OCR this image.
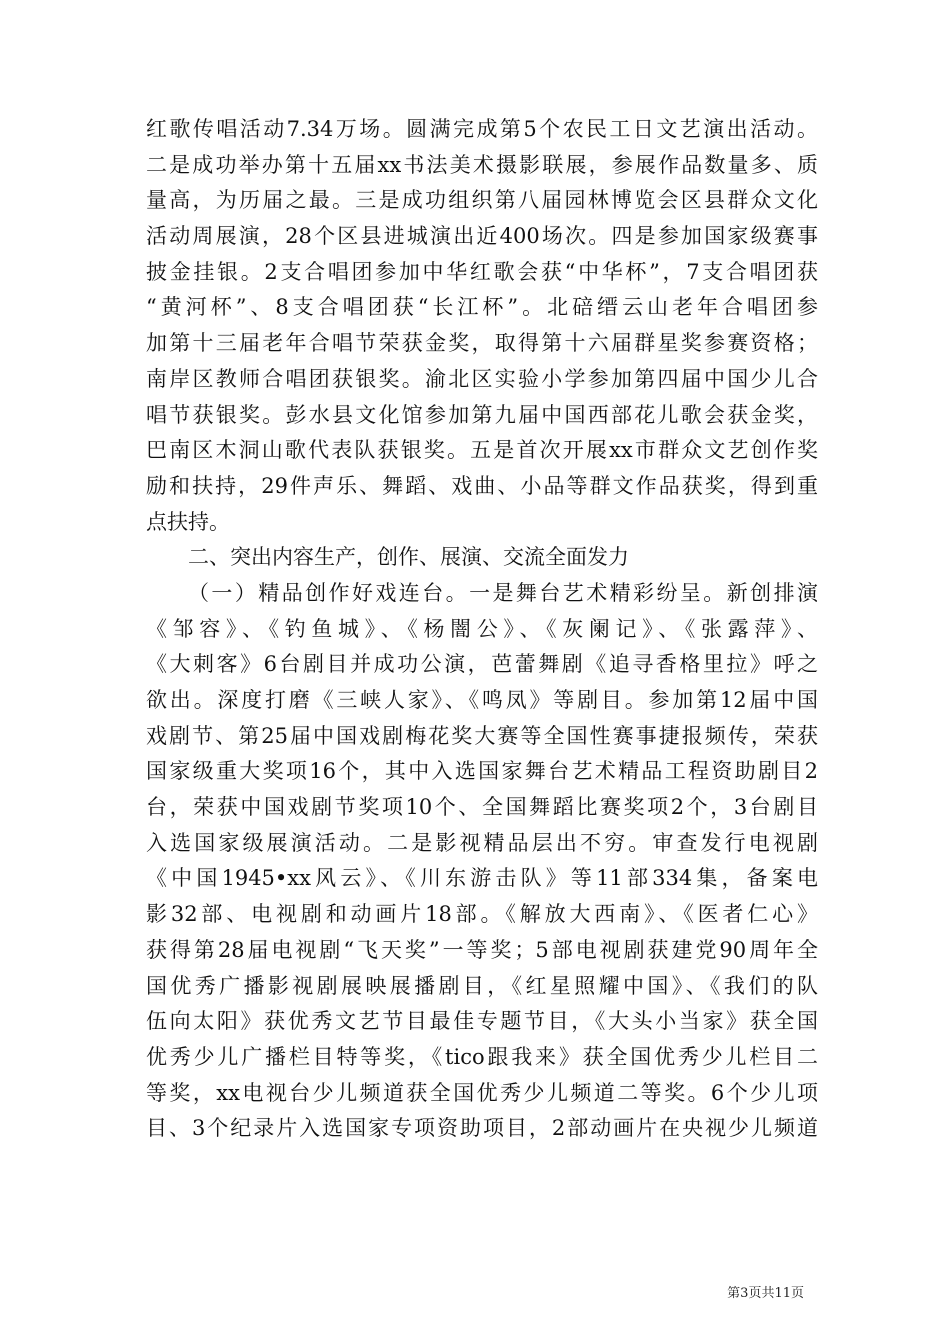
红歌传唱活动7.34万场。圆满完成第5个农民工日文艺演出活动。
二是成功举办第十五届xx书法美术摄影联展，参展作品数量多、质
量高，为历届之最。三是成功组织第八届园林博览会区县群众文化
活动周展演，28个区县进城演出近400场次。四是参加国家级赛事
披金挂银。2支合唱团参加中华红歌会获“中华杯”，7支合唱团获
“黄河杯”、8支合唱团获“长江杯”。北碚缙云山老年合唱团参
加第十三届老年合唱节荣获金奖，取得第十六届群星奖参赛资格；
南岸区教师合唱团获银奖。渝北区实验小学参加第四届中国少儿合
唱节获银奖。彭水县文化馆参加第九届中国西部花儿歌会获金奖，
巴南区木洞山歌代表队获银奖。五是首次开展xx市群众文艺创作奖
励和扶持，29件声乐、舞蹈、戏曲、小品等群文作品获奖，得到重
点扶持。
二、突出内容生产，创作、展演、交流全面发力
（一）精品创作好戏连台。一是舞台艺术精彩纷呈。新创排演
《邹容》、《钓鱼城》、《杨闇公》、《灰阑记》、《张露萍》、
《大刺客》6台剧目并成功公演，芭蕾舞剧《追寻香格里拉》呼之
欲出。深度打磨《三峡人家》、《鸣凤》等剧目。参加第12届中国
戏剧节、第25届中国戏剧梅花奖大赛等全国性赛事捷报频传，荣获
国家级重大奖项16个，其中入选国家舞台艺术精品工程资助剧目2
台，荣获中国戏剧节奖项10个、全国舞蹈比赛奖项2个，3台剧目
入选国家级展演活动。二是影视精品层出不穷。审查发行电视剧
《中国1945•xx风云》、《川东游击队》等11部334集，备案电
影32部、电视剧和动画片18部。《解放大西南》、《医者仁心》
获得第28届电视剧“飞天奖”一等奖；5部电视剧获建党90周年全
国优秀广播影视剧展映展播剧目，《红星照耀中国》、《我们的队
伍向太阳》获优秀文艺节目最佳专题节目，《大头小当家》获全国
优秀少儿广播栏目特等奖，《tico跟我来》获全国优秀少儿栏目二
等奖，xx电视台少儿频道获全国优秀少儿频道二等奖。6个少儿项
目、3个纪录片入选国家专项资助项目，2部动画片在央视少儿频道
第3页共11页
